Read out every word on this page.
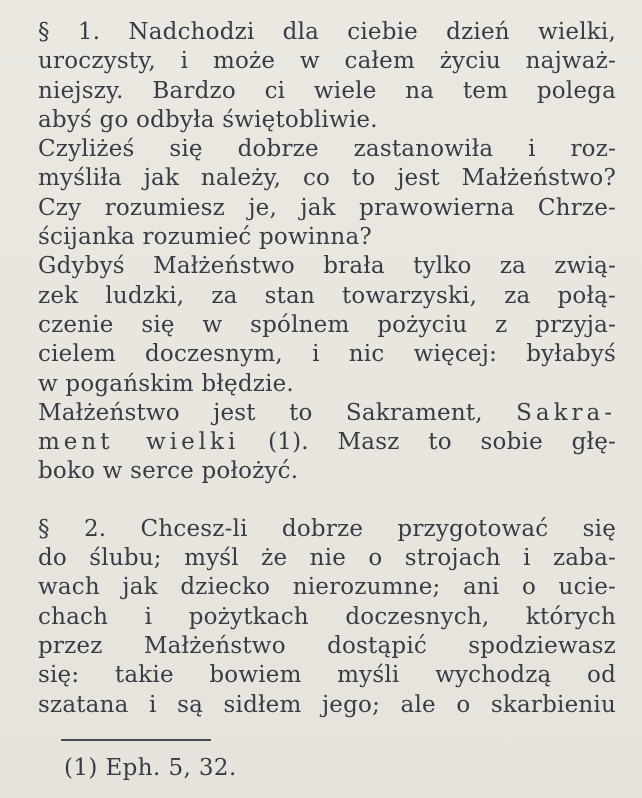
§ 1. Nadchodzi dla ciebie dzień wielki,
uroczysty, i może w całem życiu najważ-
niejszy. Bardzo ci wiele na tem polega
abyś go odbyła świętobliwie.

Czyliżeś się dobrze zastanowiła i roz-
myśliła jak należy, co to jest Małżeństwo?
Czy rozumiesz je, jak prawowierna Chrze-
ścijanka rozumieć powinna?

Gdybyś Małżeństwo brała tylko za zwią-
zek ludzki, za stan towarzyski, za połą-
czenie się w spólnem pożyciu z przyja-
cielem doczesnym, i nic więcej: byłabyś
w pogańskim błędzie.

Małżeństwo jest to Sakrament, Sakra-
ment wielki (1). Masz to sobie głę-
boko w serce położyć.

§ 2. Chcesz-li dobrze przygotować się
do ślubu; myśl że nie o strojach i zaba-
wach jak dziecko nierozumne; ani o ucie-
chach i pożytkach doczesnych, których
przez Małżeństwo dostąpić spodziewasz
się: takie bowiem myśli wychodzą od
szatana i są sidłem jego; ale o skarbieniu

(1) Eph. 5, 32.
